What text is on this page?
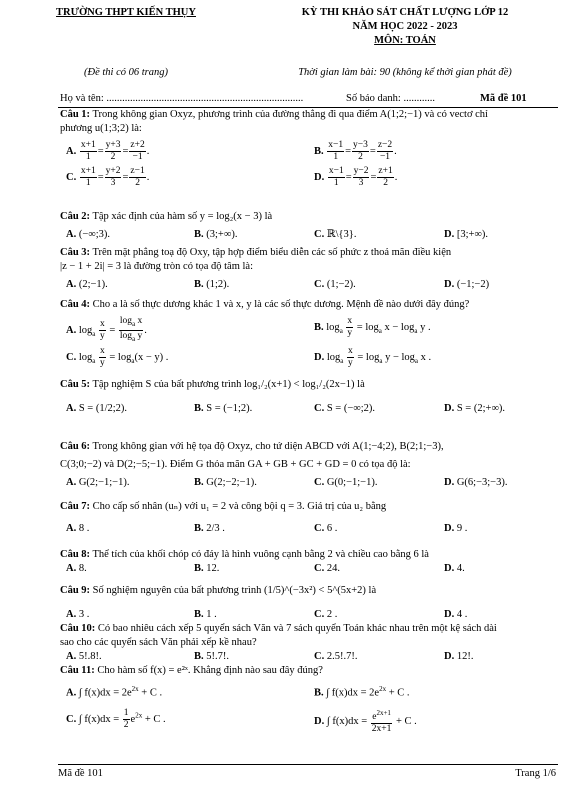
TRƯỜNG THPT KIẾN THỤY
(Đề thi có 06 trang)
KỲ THI KHẢO SÁT CHẤT LƯỢNG LỚP 12
NĂM HỌC 2022 - 2023
MÔN: TOÁN
Thời gian làm bài: 90 (không kể thời gian phát đề)
Họ và tên: ...........................................................................	Số báo danh: ............	Mã đề 101
Câu 1: Trong không gian Oxyz, phương trình của đường thẳng đi qua điểm A(1;2;−1) và có vectơ chỉ
phương u(1;3;2) là:
A. $\frac{x+1}{1} = \frac{y+3}{2} = \frac{z+2}{-1}$ .	B. $\frac{x-1}{1} = \frac{y-3}{2} = \frac{z-2}{-1}$ .
C. $\frac{x+1}{1} = \frac{y+2}{3} = \frac{z-1}{2}$ .	D. $\frac{x-1}{1} = \frac{y-2}{3} = \frac{z+1}{2}$ .
Câu 2: Tập xác định của hàm số y = log₂(x − 3) là
A. (−∞;3).	B. (3;+∞).	C. ℝ\{3}.	D. [3;+∞).
Câu 3: Trên mặt phẳng toạ độ Oxy, tập hợp điểm biểu diễn các số phức z thoả mãn điều kiện
|z − 1 + 2i| = 3 là đường tròn có tọa độ tâm là:
A. (2;−1).	B. (1;2).	C. (1;−2).	D. (−1;−2)
Câu 4: Cho a là số thực dương khác 1 và x, y là các số thực dương. Mệnh đề nào dưới đây đúng?
A. $\log_a \frac{x}{y} = \frac{\log_a x}{\log_a y}$ .	B. $\log_a \frac{x}{y} = \log_a x - \log_a y$ .
C. $\log_a \frac{x}{y} = \log_a(x - y)$ .	D. $\log_a \frac{x}{y} = \log_a y - \log_a x$ .
Câu 5: Tập nghiệm S của bất phương trình log₁/₂(x+1) < log₁/₂(2x−1) là
A. S = (1/2;2).	B. S = (−1;2).	C. S = (−∞;2).	D. S = (2;+∞).
Câu 6: Trong không gian với hệ tọa độ Oxyz, cho tứ diện ABCD với A(1;−4;2), B(2;1;−3),
C(3;0;−2) và D(2;−5;−1). Điểm G thỏa mãn GA + GB + GC + GD = 0 có tọa độ là:
A. G(2;−1;−1).	B. G(2;−2;−1).	C. G(0;−1;−1).	D. G(6;−3;−3).
Câu 7: Cho cấp số nhân (uₙ) với u₁ = 2 và công bội q = 3. Giá trị của u₂ bằng
A. 8 .	B. 2/3 .	C. 6 .	D. 9 .
Câu 8: Thể tích của khối chóp có đáy là hình vuông cạnh bằng 2 và chiều cao bằng 6 là
A. 8.	B. 12.	C. 24.	D. 4.
Câu 9: Số nghiệm nguyên của bất phương trình (1/5)^(−3x²) < 5^(5x+2) là
A. 3 .	B. 1 .	C. 2 .	D. 4 .
Câu 10: Có bao nhiêu cách xếp 5 quyển sách Văn và 7 sách quyển Toán khác nhau trên một kệ sách dài
sao cho các quyển sách Văn phải xếp kề nhau?
A. 5!.8!.	B. 5!.7!.	C. 2.5!.7!.	D. 12!.
Câu 11: Cho hàm số f(x) = e²ˣ. Khẳng định nào sau đây đúng?
A. ∫ $f(x)dx = 2e^{2x} + C$ .	B. ∫ $f(x)dx = 2e^{2x} + C$ .
C. ∫ $f(x)dx = \frac{1}{2} e^{2x} + C$ .	D. ∫ $f(x)dx = \frac{e^{2x+1}}{2x+1} + C$ .
Mã đề 101	Trang 1/6
